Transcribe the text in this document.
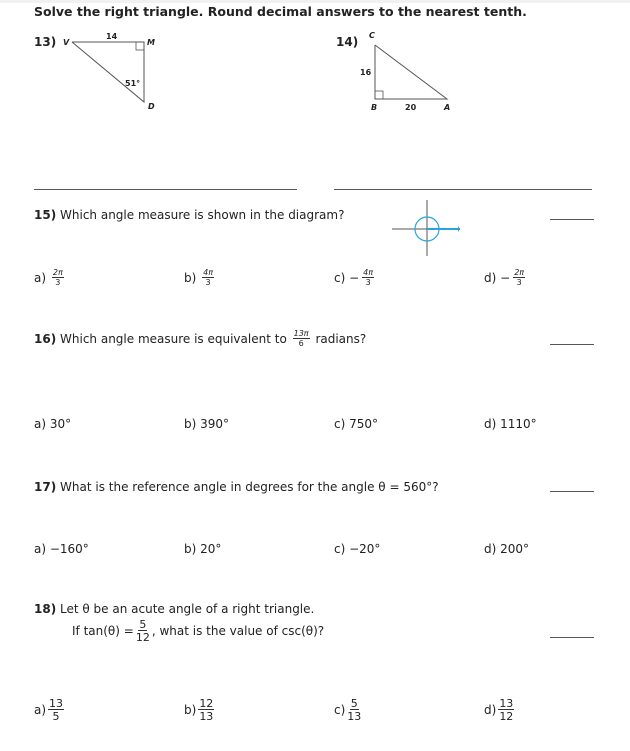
Solve the right triangle. Round decimal answers to the nearest tenth.
13)	14
V	M
51°
D
14) C
16
B	20	A
15) Which angle measure is shown in the diagram?
a)
$\frac{2\pi}{3}$	b)
$\frac{4\pi}{3}$	c)
− $\frac{4\pi}{3}$	d)
− $\frac{2\pi}{3}$
16)
Which angle measure is equivalent to
$\frac{13\pi}{6}$
radians?
a) 30°	b) 390°	c) 750°	d) 1110°
17) What is the reference angle in degrees for the angle θ = 560°?
a) −160°	b) 20°	c) −20°	d) 200°
18) Let θ be an acute angle of a right triangle.
If $\tan(\theta) = \frac{5}{12}$ , what is the value of csc(θ)?
$a) \frac{13}{5}$	$b) \frac{12}{13}$	$c) \frac{5}{13}$	$d) \frac{13}{12}$
